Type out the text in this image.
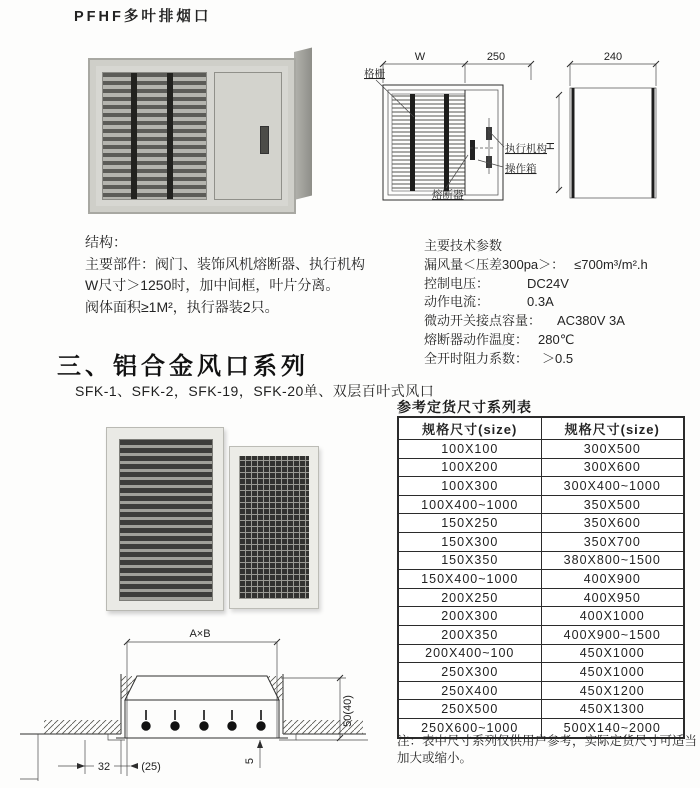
PFHF多叶排烟口
W	250
格栅
执行机构
操作箱
熔断器
240
H
结构：
主要部件：阀门、装饰风机熔断器、执行机构
W尺寸＞1250时，加中间框，叶片分离。
阀体面积≥1M²，执行器装2只。
主要技术参数
漏风量＜压差300pa＞： ≤700m³/m².h
控制电压：	DC24V
动作电流：	0.3A
微动开关接点容量： AC380V 3A
熔断器动作温度： 280℃
全开时阻力系数： ＞0.5
三、铝合金风口系列
SFK-1、SFK-2，SFK-19，SFK-20单、双层百叶式风口
参考定货尺寸系列表
规格尺寸(size)	规格尺寸(size)
100X100	300X500
100X200	300X600
100X300	300X400~1000
100X400~1000	350X500
150X250	350X600
150X300	350X700
150X350	380X800~1500
150X400~1000	400X900
200X250	400X950
200X300	400X1000
200X350	400X900~1500
200X400~100	450X1000
250X300	450X1000
250X400	450X1200
250X500	450X1300
250X600~1000	500X140~2000
注：表中尺寸系列仅供用户参考，实际定货尺寸可适当加大或缩小。
A×B
50(40)
32	(25)	5
